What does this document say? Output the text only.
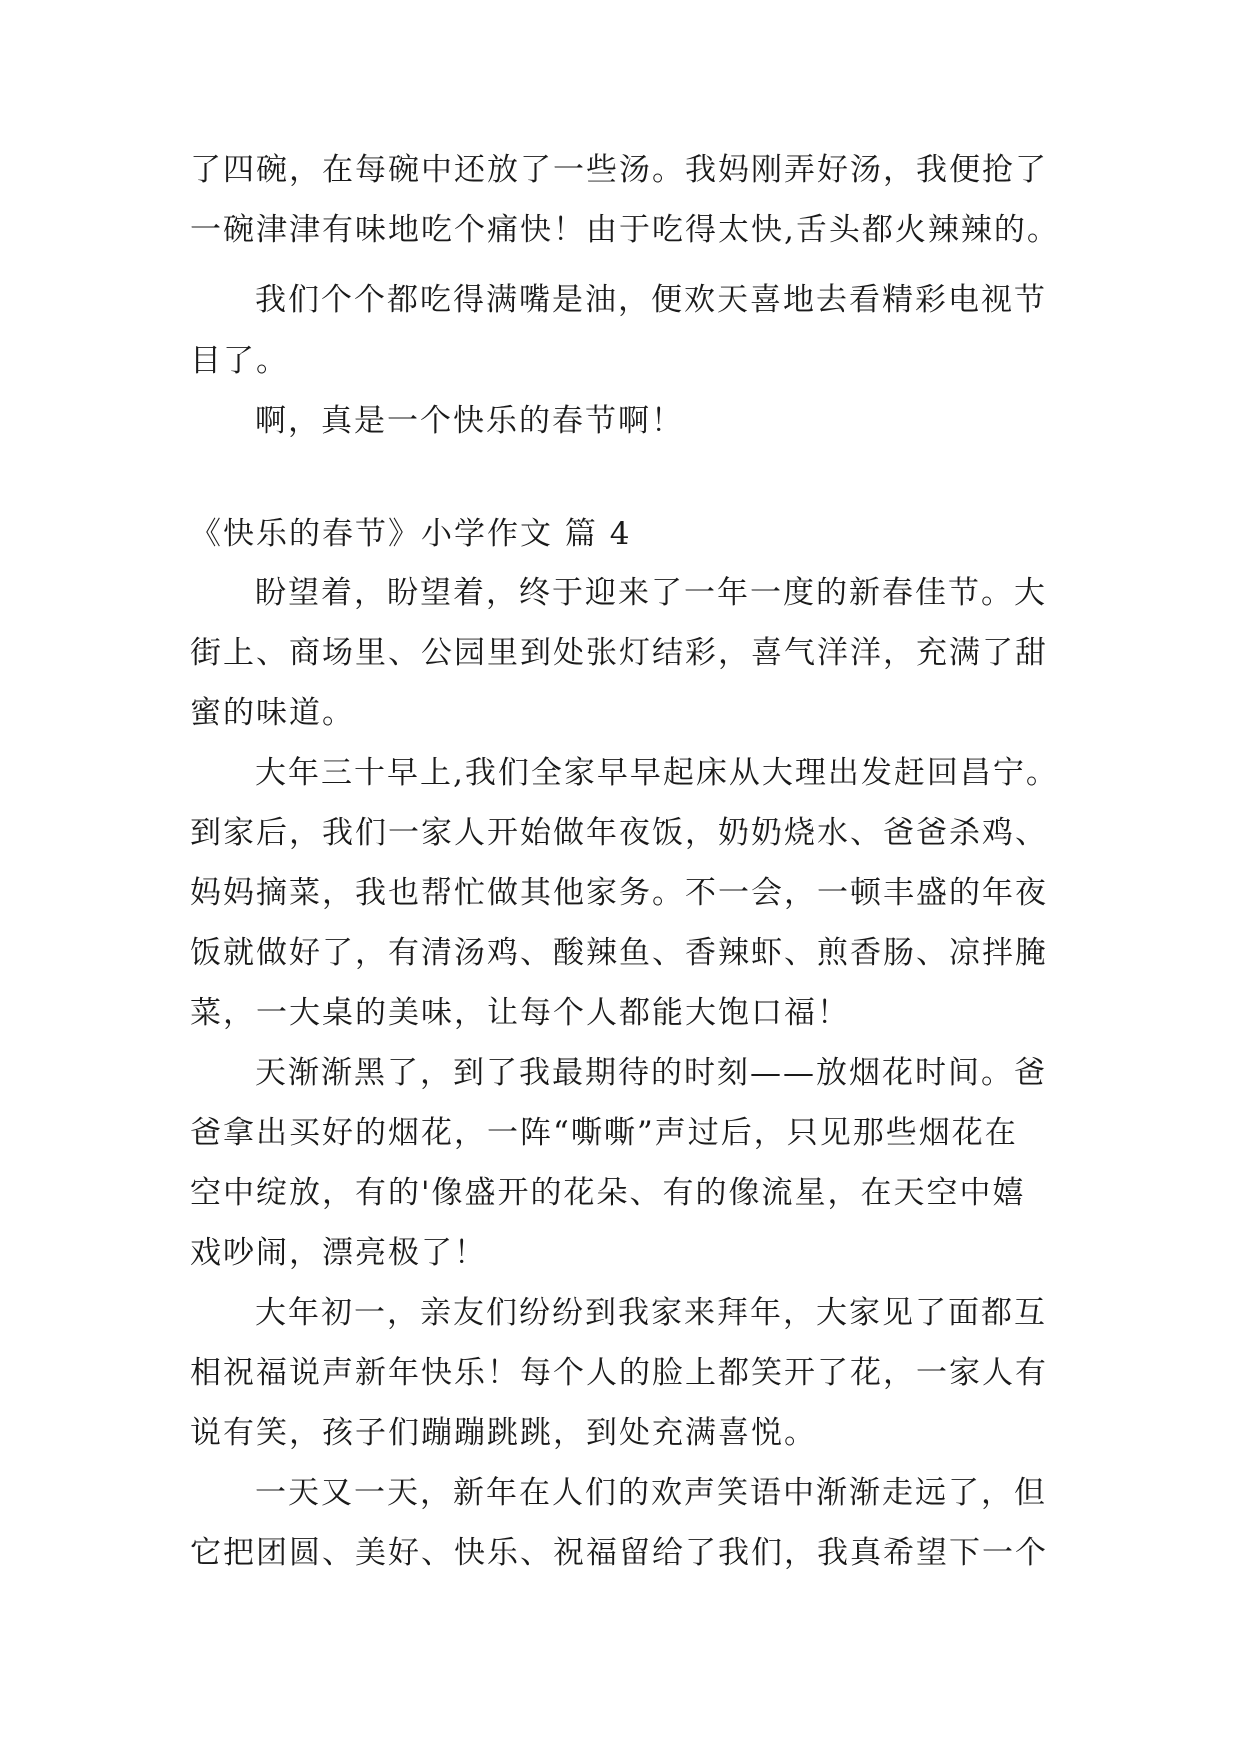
了四碗，在每碗中还放了一些汤。我妈刚弄好汤，我便抢了
一碗津津有味地吃个痛快！由于吃得太快,舌头都火辣辣的。
我们个个都吃得满嘴是油，便欢天喜地去看精彩电视节
目了。
啊，真是一个快乐的春节啊！
《快乐的春节》小学作文 篇 4
盼望着，盼望着，终于迎来了一年一度的新春佳节。大
街上、商场里、公园里到处张灯结彩，喜气洋洋，充满了甜
蜜的味道。
大年三十早上,我们全家早早起床从大理出发赶回昌宁。
到家后，我们一家人开始做年夜饭，奶奶烧水、爸爸杀鸡、
妈妈摘菜，我也帮忙做其他家务。不一会，一顿丰盛的年夜
饭就做好了，有清汤鸡、酸辣鱼、香辣虾、煎香肠、凉拌腌
菜，一大桌的美味，让每个人都能大饱口福！
天渐渐黑了，到了我最期待的时刻——放烟花时间。爸
爸拿出买好的烟花，一阵“嘶嘶”声过后，只见那些烟花在
空中绽放，有的'像盛开的花朵、有的像流星，在天空中嬉
戏吵闹，漂亮极了！
大年初一，亲友们纷纷到我家来拜年，大家见了面都互
相祝福说声新年快乐！每个人的脸上都笑开了花，一家人有
说有笑，孩子们蹦蹦跳跳，到处充满喜悦。
一天又一天，新年在人们的欢声笑语中渐渐走远了，但
它把团圆、美好、快乐、祝福留给了我们，我真希望下一个
